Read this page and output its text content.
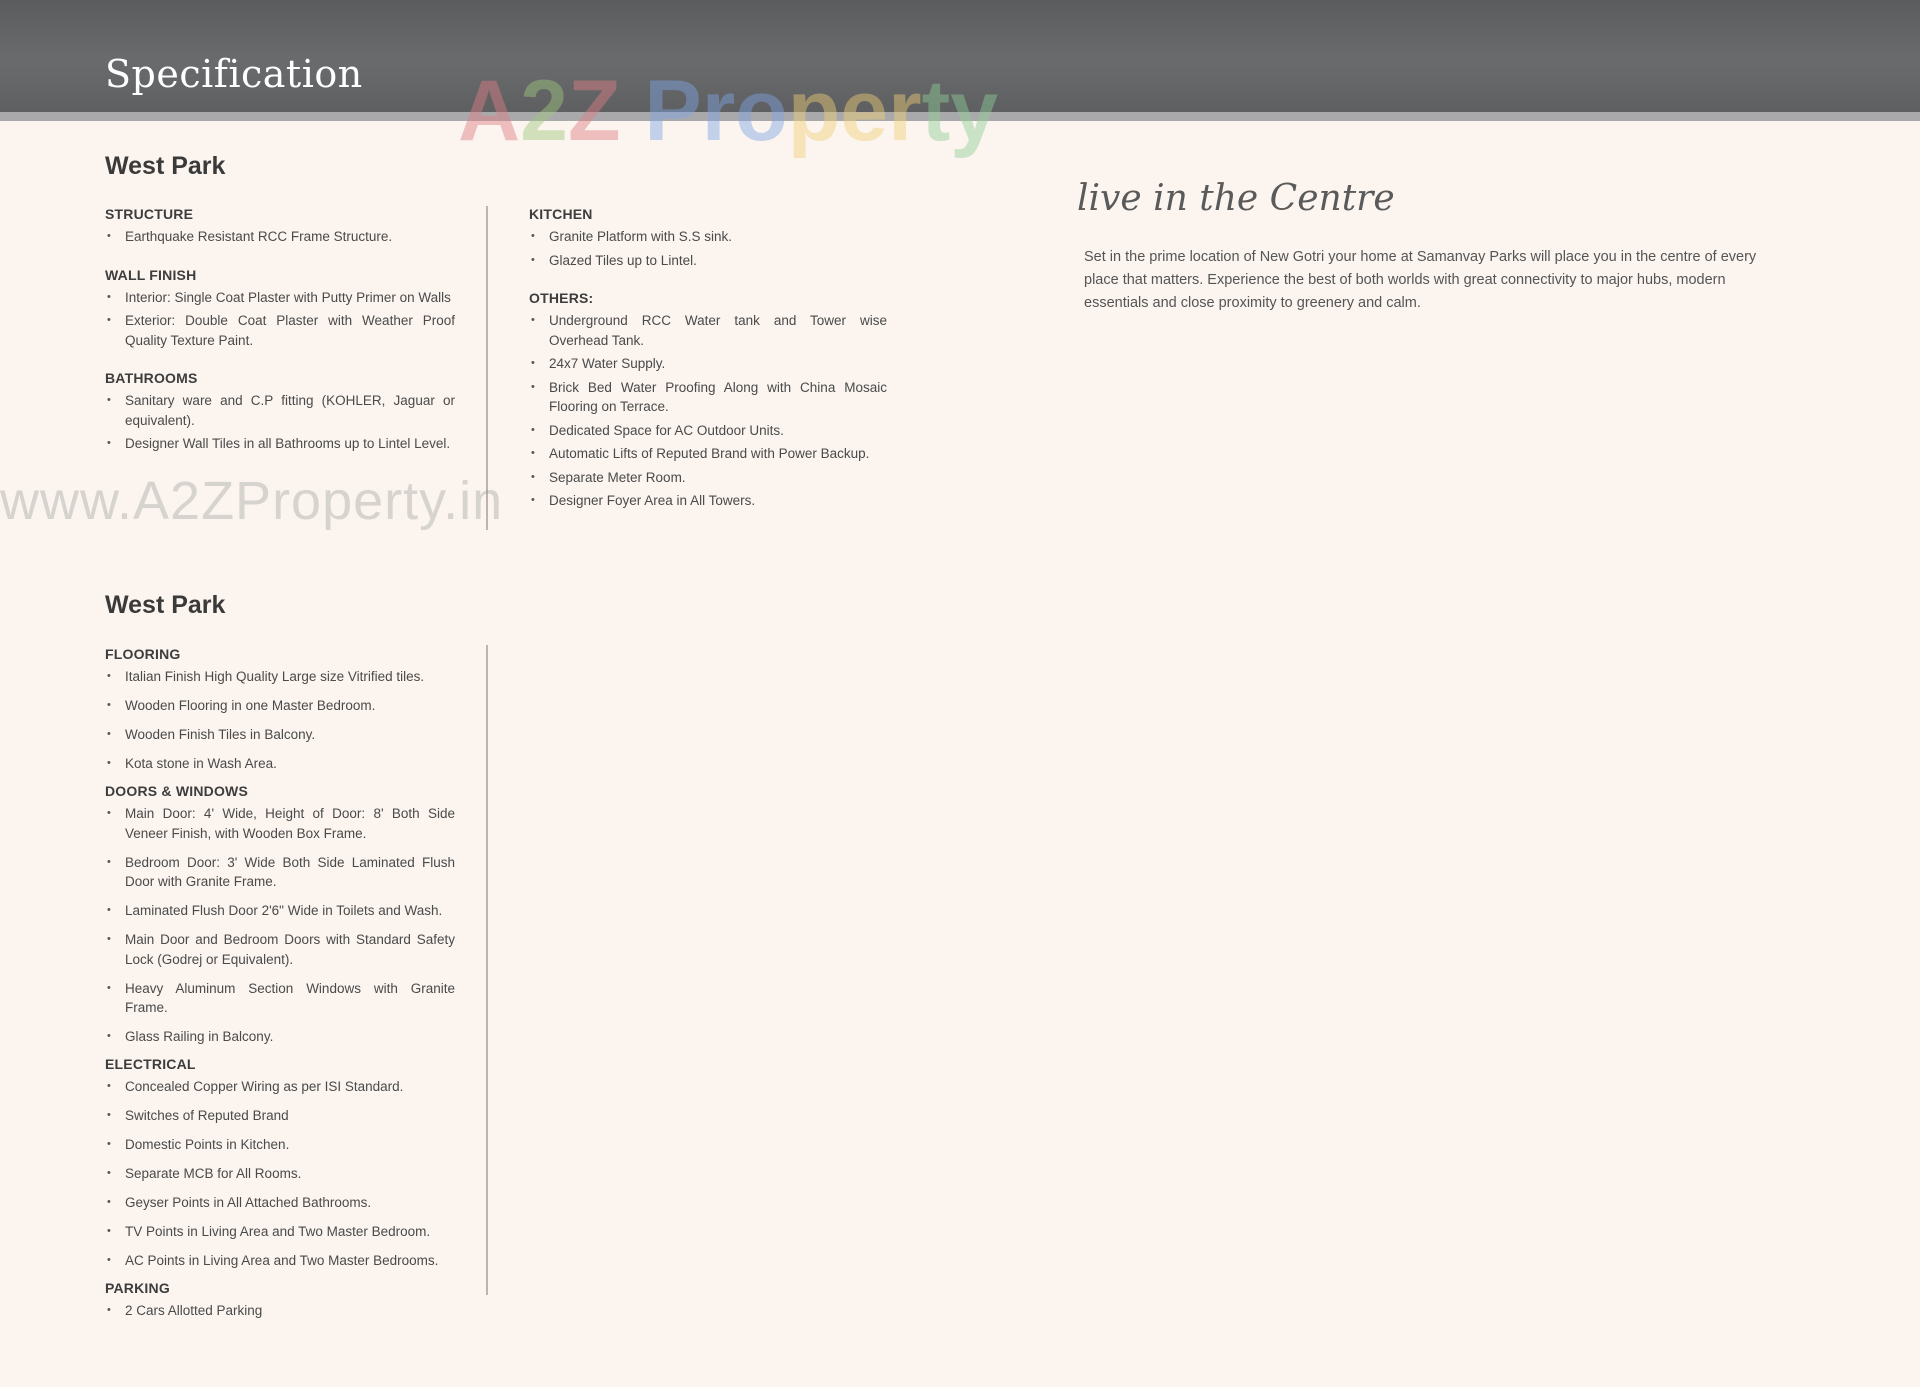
Specification A2Z Property
West Park
STRUCTURE
• Earthquake Resistant RCC Frame Structure.
WALL FINISH
• Interior: Single Coat Plaster with Putty Primer on Walls
• Exterior: Double Coat Plaster with Weather Proof Quality Texture Paint.
BATHROOMS
• Sanitary ware and C.P fitting (KOHLER, Jaguar or equivalent).
• Designer Wall Tiles in all Bathrooms up to Lintel Level.
KITCHEN
• Granite Platform with S.S sink.
• Glazed Tiles up to Lintel.
OTHERS:
• Underground RCC Water tank and Tower wise Overhead Tank.
• 24x7 Water Supply.
• Brick Bed Water Proofing Along with China Mosaic Flooring on Terrace.
• Dedicated Space for AC Outdoor Units.
• Automatic Lifts of Reputed Brand with Power Backup.
• Separate Meter Room.
• Designer Foyer Area in All Towers.
West Park
FLOORING
• Italian Finish High Quality Large size Vitrified tiles.
• Wooden Flooring in one Master Bedroom.
• Wooden Finish Tiles in Balcony.
• Kota stone in Wash Area.
DOORS & WINDOWS
• Main Door: 4' Wide, Height of Door: 8' Both Side Veneer Finish, with Wooden Box Frame.
• Bedroom Door: 3' Wide Both Side Laminated Flush Door with Granite Frame.
• Laminated Flush Door 2'6" Wide in Toilets and Wash.
• Main Door and Bedroom Doors with Standard Safety Lock (Godrej or Equivalent).
• Heavy Aluminum Section Windows with Granite Frame.
• Glass Railing in Balcony.
ELECTRICAL
• Concealed Copper Wiring as per ISI Standard.
• Switches of Reputed Brand
• Domestic Points in Kitchen.
• Separate MCB for All Rooms.
• Geyser Points in All Attached Bathrooms.
• TV Points in Living Area and Two Master Bedroom.
• AC Points in Living Area and Two Master Bedrooms.
PARKING
• 2 Cars Allotted Parking
live in the Centre

Set in the prime location of New Gotri your home at Samanvay Parks will place you in the centre of every place that matters. Experience the best of both worlds with great connectivity to major hubs, modern essentials and close proximity to greenery and calm.

www.A2ZProperty.in
